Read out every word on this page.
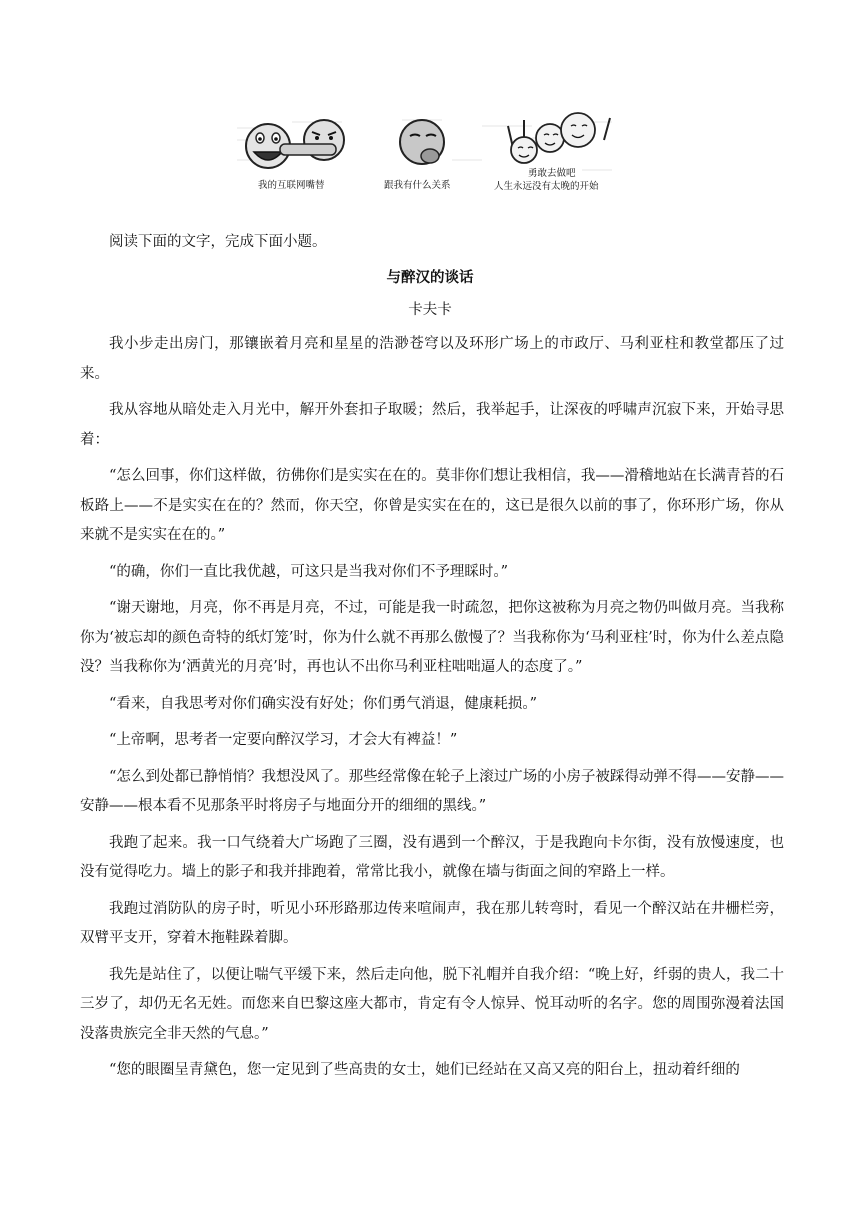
我的互联网嘴替	跟我有什么关系
勇敢去做吧
人生永远没有太晚的开始
阅读下面的文字，完成下面小题。
与醉汉的谈话
卡夫卡

我小步走出房门，那镶嵌着月亮和星星的浩渺苍穹以及环形广场上的市政厅、马利亚柱和教堂都压了过来。

我从容地从暗处走入月光中，解开外套扣子取暖；然后，我举起手，让深夜的呼啸声沉寂下来，开始寻思着：

“怎么回事，你们这样做，彷佛你们是实实在在的。莫非你们想让我相信，我——滑稽地站在长满青苔的石板路上——不是实实在在的？然而，你天空，你曾是实实在在的，这已是很久以前的事了，你环形广场，你从来就不是实实在在的。”

“的确，你们一直比我优越，可这只是当我对你们不予理睬时。”

“谢天谢地，月亮，你不再是月亮，不过，可能是我一时疏忽，把你这被称为月亮之物仍叫做月亮。当我称你为‘被忘却的颜色奇特的纸灯笼’时，你为什么就不再那么傲慢了？当我称你为‘马利亚柱’时，你为什么差点隐没？当我称你为‘洒黄光的月亮’时，再也认不出你马利亚柱咄咄逼人的态度了。”

“看来，自我思考对你们确实没有好处；你们勇气消退，健康耗损。”

“上帝啊，思考者一定要向醉汉学习，才会大有裨益！”

“怎么到处都已静悄悄？我想没风了。那些经常像在轮子上滚过广场的小房子被踩得动弹不得——安静——安静——根本看不见那条平时将房子与地面分开的细细的黑线。”

我跑了起来。我一口气绕着大广场跑了三圈，没有遇到一个醉汉，于是我跑向卡尔街，没有放慢速度，也没有觉得吃力。墙上的影子和我并排跑着，常常比我小，就像在墙与街面之间的窄路上一样。

我跑过消防队的房子时，听见小环形路那边传来喧闹声，我在那儿转弯时，看见一个醉汉站在井栅栏旁，双臂平支开，穿着木拖鞋跺着脚。

我先是站住了，以便让喘气平缓下来，然后走向他，脱下礼帽并自我介绍：“晚上好，纤弱的贵人，我二十三岁了，却仍无名无姓。而您来自巴黎这座大都市，肯定有令人惊异、悦耳动听的名字。您的周围弥漫着法国没落贵族完全非天然的气息。”

“您的眼圈呈青黛色，您一定见到了些高贵的女士，她们已经站在又高又亮的阳台上，扭动着纤细的
